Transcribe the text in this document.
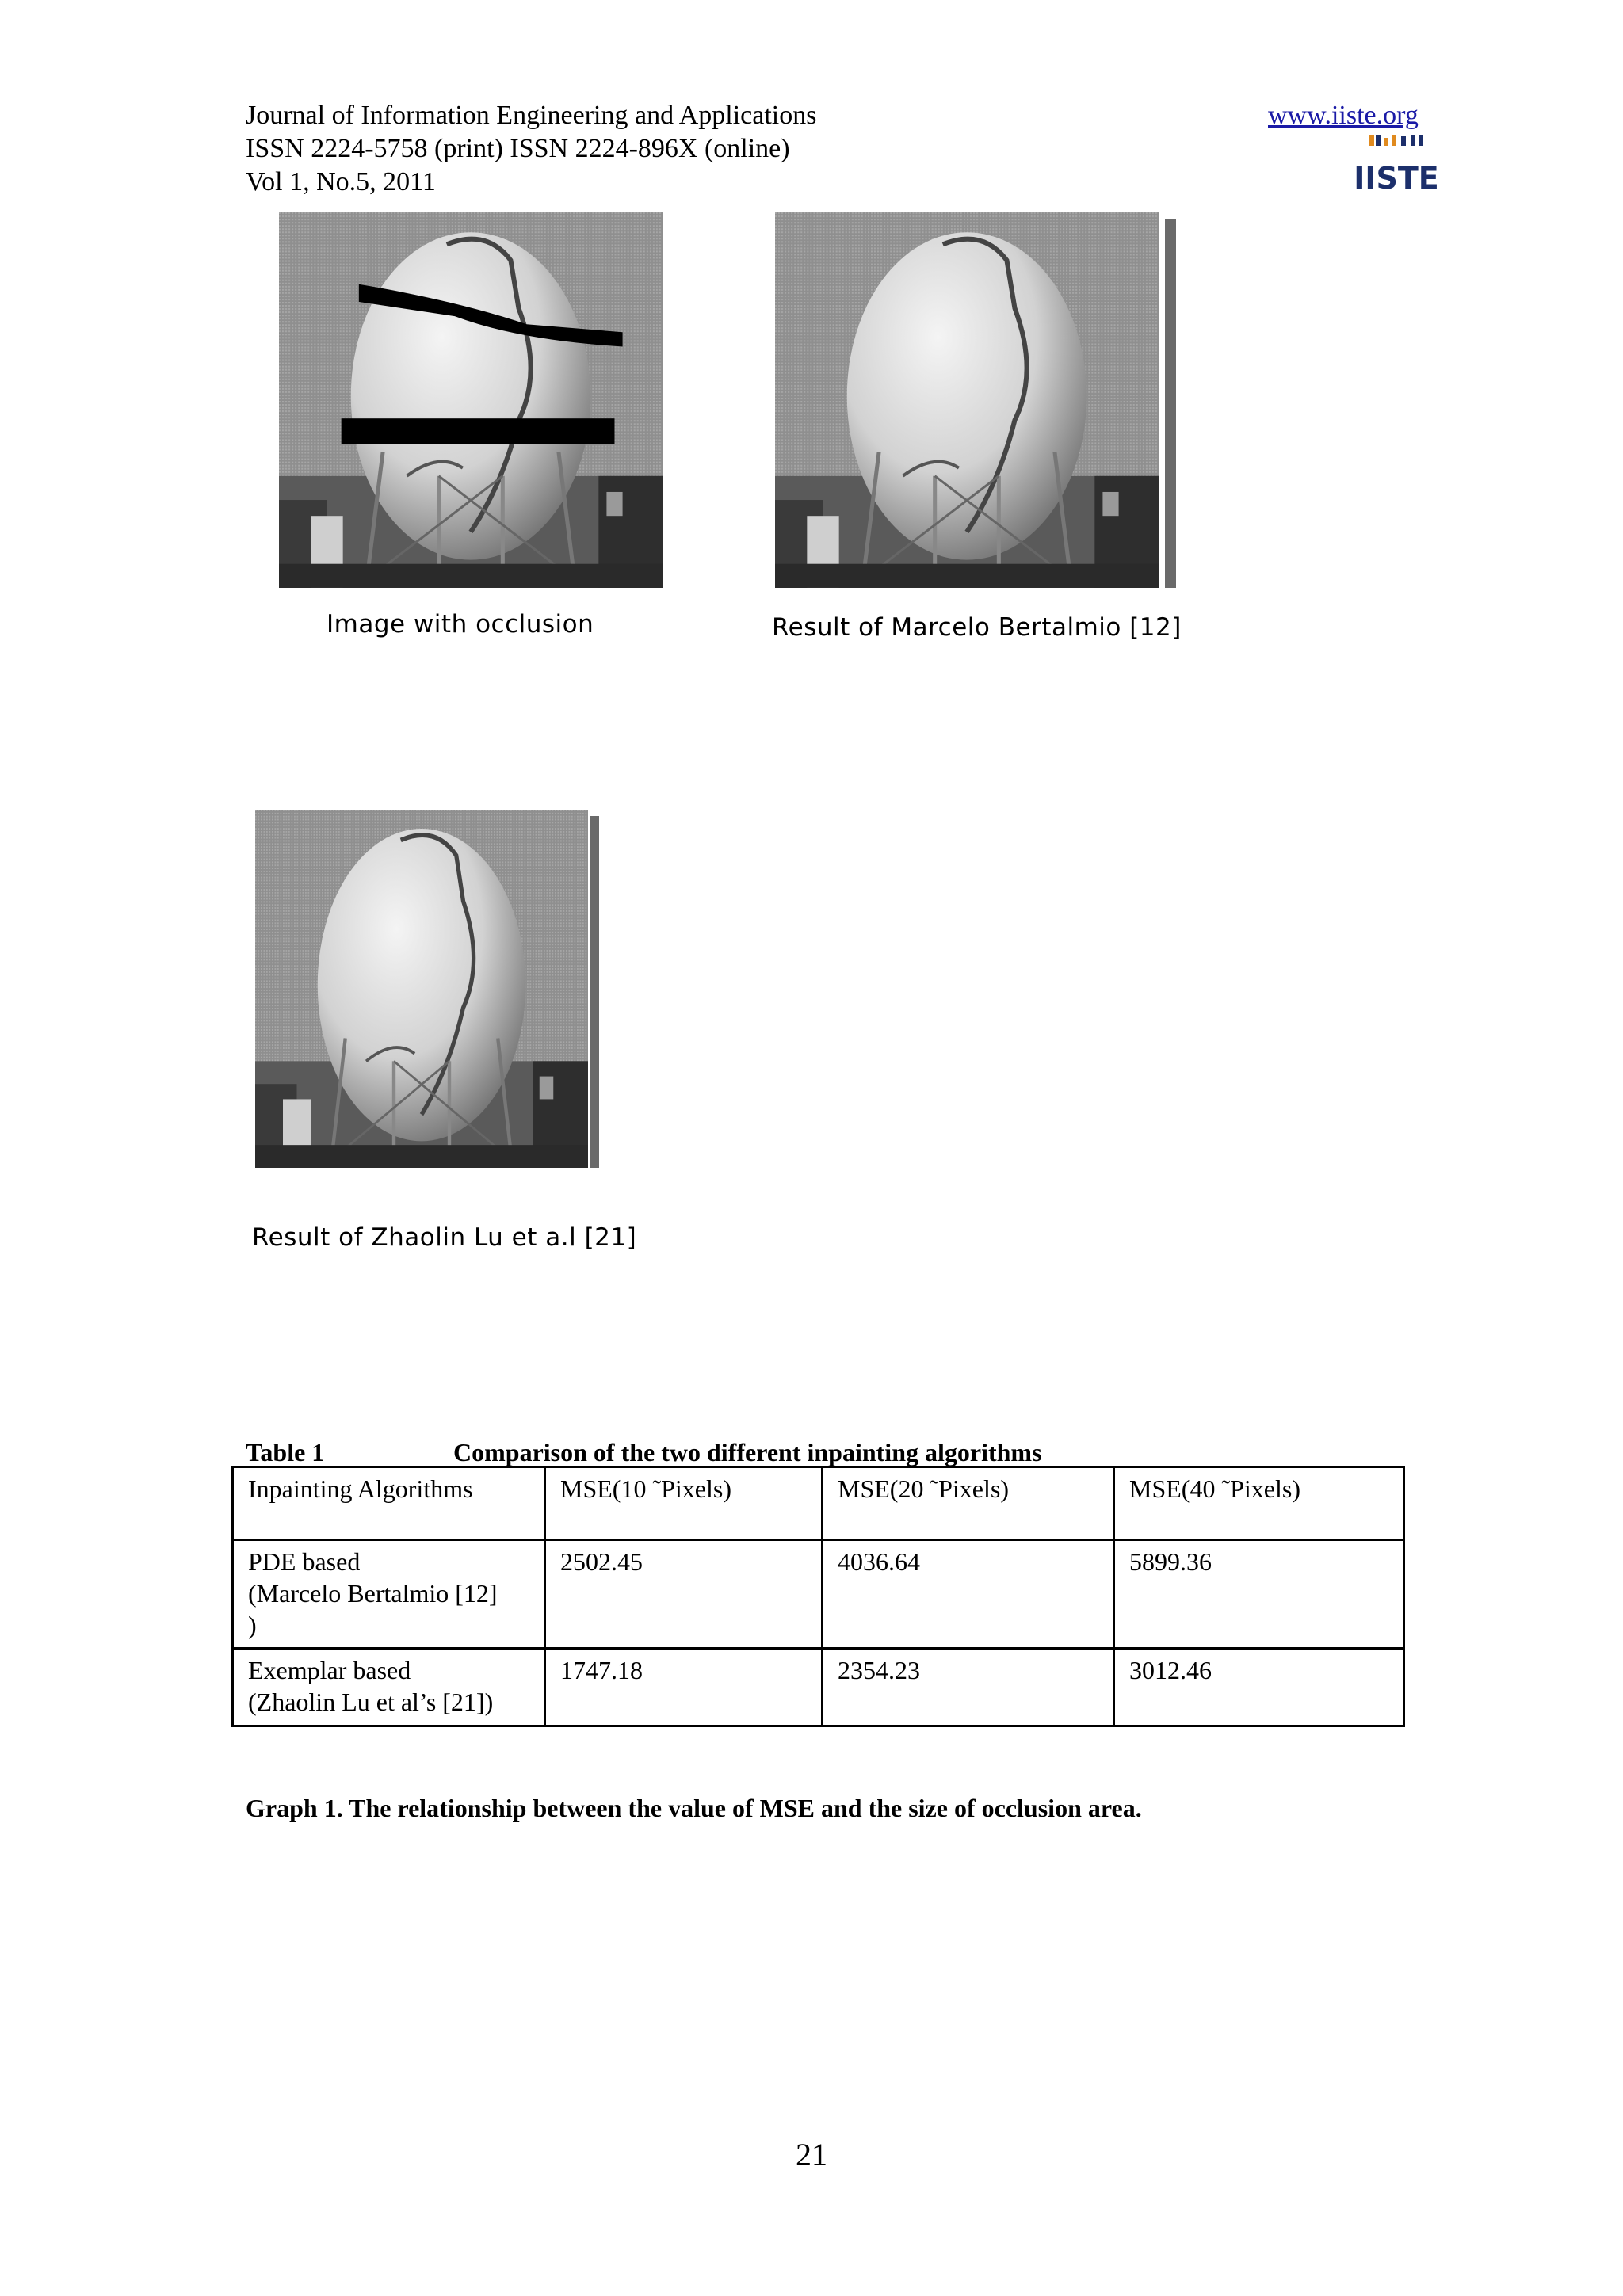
Journal of Information Engineering and Applications
ISSN 2224-5758 (print) ISSN 2224-896X (online)
Vol 1, No.5, 2011
www.iiste.org
IISTE
Image with occlusion	Result of Marcelo Bertalmio [12]
Result of Zhaolin Lu et a.l [21]
Table 1	Comparison of the two different inpainting algorithms
Inpainting Algorithms	MSE(10 ˜Pixels)	MSE(20 ˜Pixels)	MSE(40 ˜Pixels)

PDE based
(Marcelo Bertalmio [12]
)	2502.45	4036.64	5899.36

Exemplar based
(Zhaolin Lu et al’s [21])	1747.18	2354.23	3012.46
Graph 1. The relationship between the value of MSE and the size of occlusion area.
21
